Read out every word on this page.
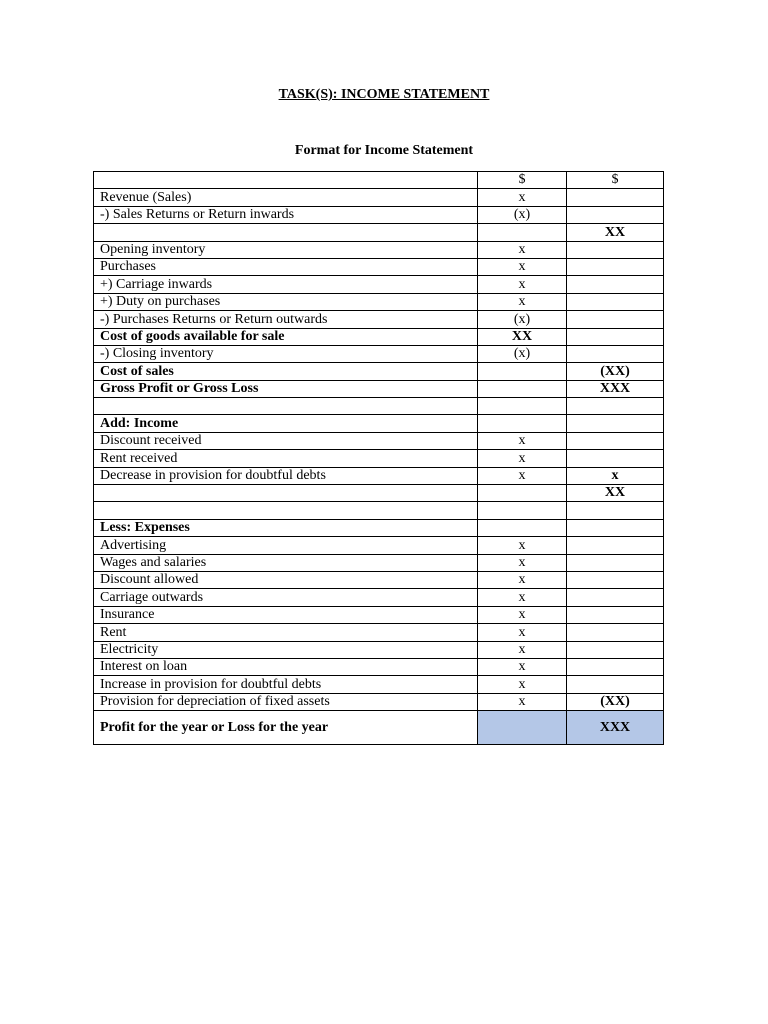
TASK(S): INCOME STATEMENT
Format for Income Statement
	$	$
Revenue (Sales)	x	
-) Sales Returns or Return inwards	(x)	
		XX
Opening inventory	x	
Purchases	x	
+) Carriage inwards	x	
+) Duty on purchases	x	
-) Purchases Returns or Return outwards	(x)	
Cost of goods available for sale	XX	
-) Closing inventory	(x)	
Cost of sales		(XX)
Gross Profit or Gross Loss		XXX

Add: Income		
Discount received	x	
Rent received	x	
Decrease in provision for doubtful debts	x	x
		XX

Less: Expenses		
Advertising	x	
Wages and salaries	x	
Discount allowed	x	
Carriage outwards	x	
Insurance	x	
Rent	x	
Electricity	x	
Interest on loan	x	
Increase in provision for doubtful debts	x	
Provision for depreciation of fixed assets	x	(XX)
Profit for the year or Loss for the year		XXX
